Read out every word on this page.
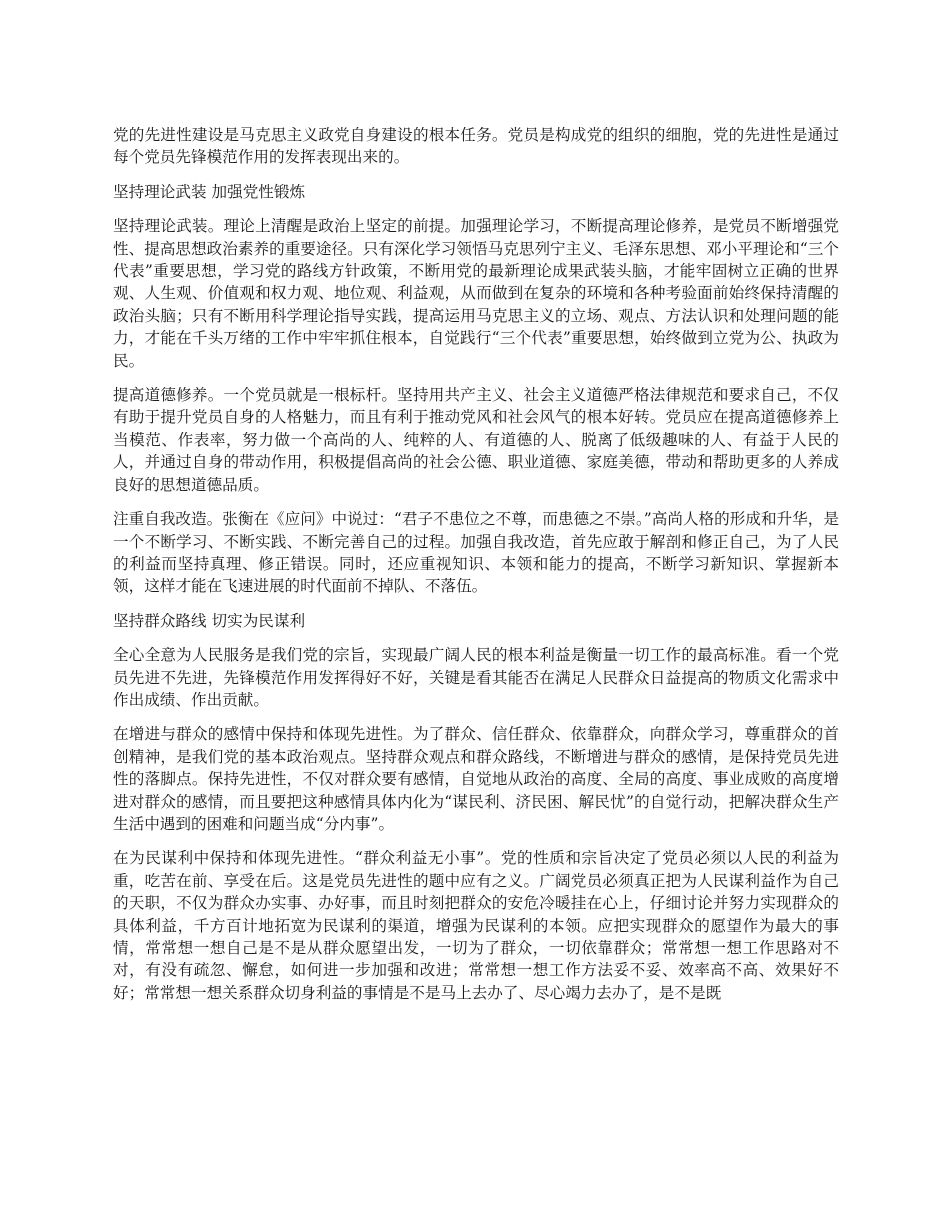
党的先进性建设是马克思主义政党自身建设的根本任务。党员是构成党的组织的细胞，党的先进性是通过每个党员先锋模范作用的发挥表现出来的。

坚持理论武装 加强党性锻炼

坚持理论武装。理论上清醒是政治上坚定的前提。加强理论学习，不断提高理论修养，是党员不断增强党性、提高思想政治素养的重要途径。只有深化学习领悟马克思列宁主义、毛泽东思想、邓小平理论和“三个代表”重要思想，学习党的路线方针政策，不断用党的最新理论成果武装头脑，才能牢固树立正确的世界观、人生观、价值观和权力观、地位观、利益观，从而做到在复杂的环境和各种考验面前始终保持清醒的政治头脑；只有不断用科学理论指导实践，提高运用马克思主义的立场、观点、方法认识和处理问题的能力，才能在千头万绪的工作中牢牢抓住根本，自觉践行“三个代表”重要思想，始终做到立党为公、执政为民。

提高道德修养。一个党员就是一根标杆。坚持用共产主义、社会主义道德严格法律规范和要求自己，不仅有助于提升党员自身的人格魅力，而且有利于推动党风和社会风气的根本好转。党员应在提高道德修养上当模范、作表率，努力做一个高尚的人、纯粹的人、有道德的人、脱离了低级趣味的人、有益于人民的人，并通过自身的带动作用，积极提倡高尚的社会公德、职业道德、家庭美德，带动和帮助更多的人养成良好的思想道德品质。

注重自我改造。张衡在《应问》中说过：“君子不患位之不尊，而患德之不崇。”高尚人格的形成和升华，是一个不断学习、不断实践、不断完善自己的过程。加强自我改造，首先应敢于解剖和修正自己，为了人民的利益而坚持真理、修正错误。同时，还应重视知识、本领和能力的提高，不断学习新知识、掌握新本领，这样才能在飞速进展的时代面前不掉队、不落伍。

坚持群众路线 切实为民谋利

全心全意为人民服务是我们党的宗旨，实现最广阔人民的根本利益是衡量一切工作的最高标准。看一个党员先进不先进，先锋模范作用发挥得好不好，关键是看其能否在满足人民群众日益提高的物质文化需求中作出成绩、作出贡献。

在增进与群众的感情中保持和体现先进性。为了群众、信任群众、依靠群众，向群众学习，尊重群众的首创精神，是我们党的基本政治观点。坚持群众观点和群众路线，不断增进与群众的感情，是保持党员先进性的落脚点。保持先进性，不仅对群众要有感情，自觉地从政治的高度、全局的高度、事业成败的高度增进对群众的感情，而且要把这种感情具体内化为“谋民利、济民困、解民忧”的自觉行动，把解决群众生产生活中遇到的困难和问题当成“分内事”。

在为民谋利中保持和体现先进性。“群众利益无小事”。党的性质和宗旨决定了党员必须以人民的利益为重，吃苦在前、享受在后。这是党员先进性的题中应有之义。广阔党员必须真正把为人民谋利益作为自己的天职，不仅为群众办实事、办好事，而且时刻把群众的安危冷暖挂在心上，仔细讨论并努力实现群众的具体利益，千方百计地拓宽为民谋利的渠道，增强为民谋利的本领。应把实现群众的愿望作为最大的事情，常常想一想自己是不是从群众愿望出发，一切为了群众，一切依靠群众；常常想一想工作思路对不对，有没有疏忽、懈怠，如何进一步加强和改进；常常想一想工作方法妥不妥、效率高不高、效果好不好；常常想一想关系群众切身利益的事情是不是马上去办了、尽心竭力去办了，是不是既
